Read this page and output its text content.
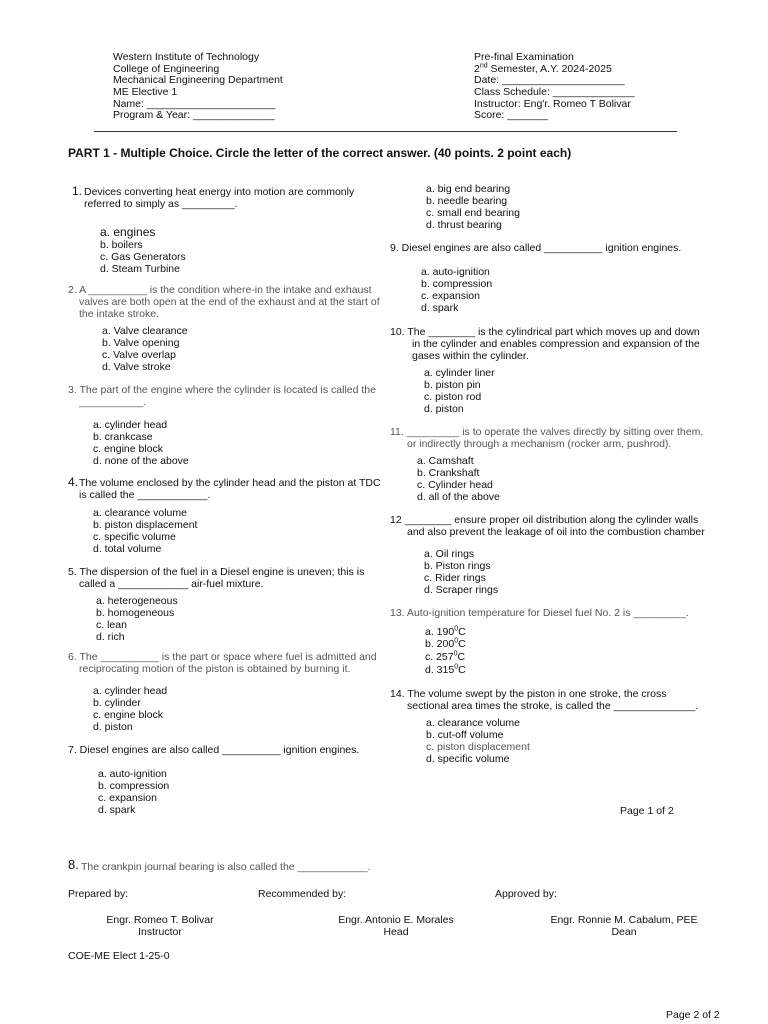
Western Institute of Technology
College of Engineering
Mechanical Engineering Department
ME Elective 1
Name: ______________________
Program & Year: ______________
Pre-final Examination
2nd Semester, A.Y. 2024-2025
Date: _____________________
Class Schedule: ______________
Instructor: Eng'r. Romeo T Bolivar
Score: _______
PART 1 - Multiple Choice. Circle the letter of the correct answer. (40 points. 2 point each)
1. Devices converting heat energy into motion are commonly
referred to simply as _________.
a. engines
b. boilers
c. Gas Generators
d. Steam Turbine
2. A __________ is the condition where-in the intake and exhaust
valves are both open at the end of the exhaust and at the start of
the intake stroke.
a. Valve clearance
b. Valve opening
c. Valve overlap
d. Valve stroke
3. The part of the engine where the cylinder is located is called the
___________.
a. cylinder head
b. crankcase
c. engine block
d. none of the above
4. The volume enclosed by the cylinder head and the piston at TDC
is called the ____________.
a. clearance volume
b. piston displacement
c. specific volume
d. total volume
5. The dispersion of the fuel in a Diesel engine is uneven; this is
called a ____________ air-fuel mixture.
a. heterogeneous
b. homogeneous
c. lean
d. rich
6. The __________ is the part or space where fuel is admitted and
reciprocating motion of the piston is obtained by burning it.
a. cylinder head
b. cylinder
c. engine block
d. piston
7. Diesel engines are also called __________ ignition engines.
a. auto-ignition
b. compression
c. expansion
d. spark
a. big end bearing
b. needle bearing
c. small end bearing
d. thrust bearing
9. Diesel engines are also called __________ ignition engines.
a. auto-ignition
b. compression
c. expansion
d. spark
10. The ________ is the cylindrical part which moves up and down
in the cylinder and enables compression and expansion of the
gases within the cylinder.
a. cylinder liner
b. piston pin
c. piston rod
d. piston
11. _________ is to operate the valves directly by sitting over them,
or indirectly through a mechanism (rocker arm, pushrod).
a. Camshaft
b. Crankshaft
c. Cylinder head
d. all of the above
12 ________ ensure proper oil distribution along the cylinder walls
and also prevent the leakage of oil into the combustion chamber
a. Oil rings
b. Piston rings
c. Rider rings
d. Scraper rings
13. Auto-ignition temperature for Diesel fuel No. 2 is _________.
a. $190^0C$
b. $200^0C$
c. $257^0C$
d. $315^0C$
14. The volume swept by the piston in one stroke, the cross
sectional area times the stroke, is called the ______________.
a. clearance volume
b. cut-off volume
c. piston displacement
d. specific volume
Page 1 of 2
8. The crankpin journal bearing is also called the ____________.
Prepared by:	Recommended by:	Approved by:
Engr. Romeo T. Bolivar
Instructor
Engr. Antonio E. Morales
Head
Engr. Ronnie M. Cabalum, PEE
Dean
COE-ME Elect 1-25-0
Page 2 of 2
